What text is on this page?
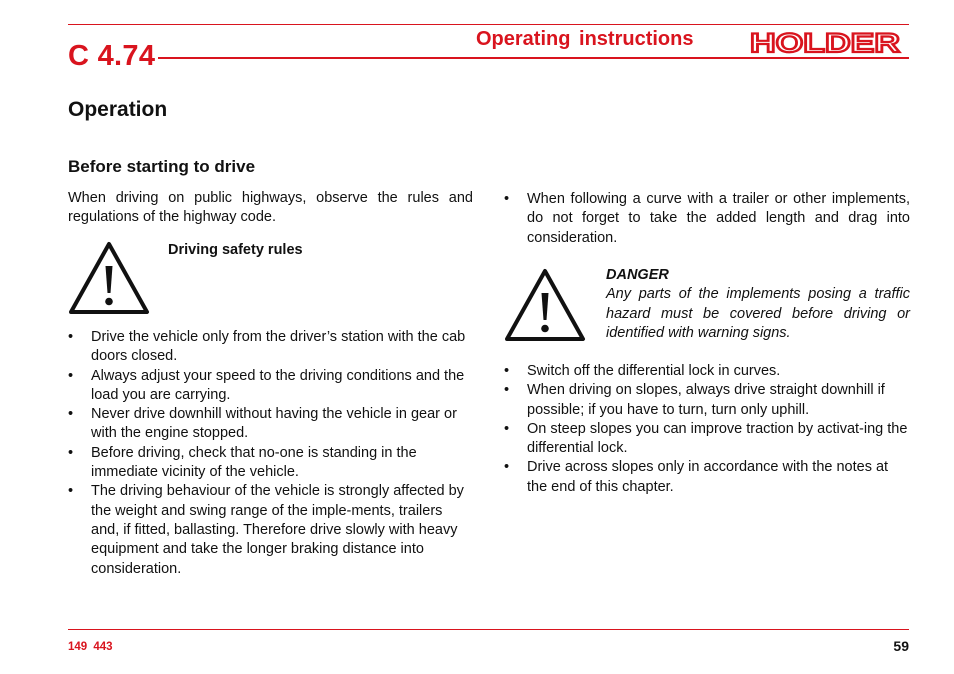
C 4.74
Operating instructions HOLDER
Operation
Before starting to drive
When driving on public highways, observe the rules and regulations of the highway code.
Driving safety rules
• Drive the vehicle only from the driver’s station with the cab doors closed.
• Always adjust your speed to the driving conditions and the load you are carrying.
• Never drive downhill without having the vehicle in gear or with the engine stopped.
• Before driving, check that no-one is standing in the immediate vicinity of the vehicle.
• The driving behaviour of the vehicle is strongly affected by the weight and swing range of the imple-ments, trailers and, if fitted, ballasting. Therefore drive slowly with heavy equipment and take the longer braking distance into consideration.
• When following a curve with a trailer or other implements, do not forget to take the added length and drag into consideration.
DANGER
Any parts of the implements posing a traffic hazard must be covered before driving or identified with warning signs.
• Switch off the differential lock in curves.
• When driving on slopes, always drive straight downhill if possible; if you have to turn, turn only uphill.
• On steep slopes you can improve traction by activat-ing the differential lock.
• Drive across slopes only in accordance with the notes at the end of this chapter.
149 443	59
